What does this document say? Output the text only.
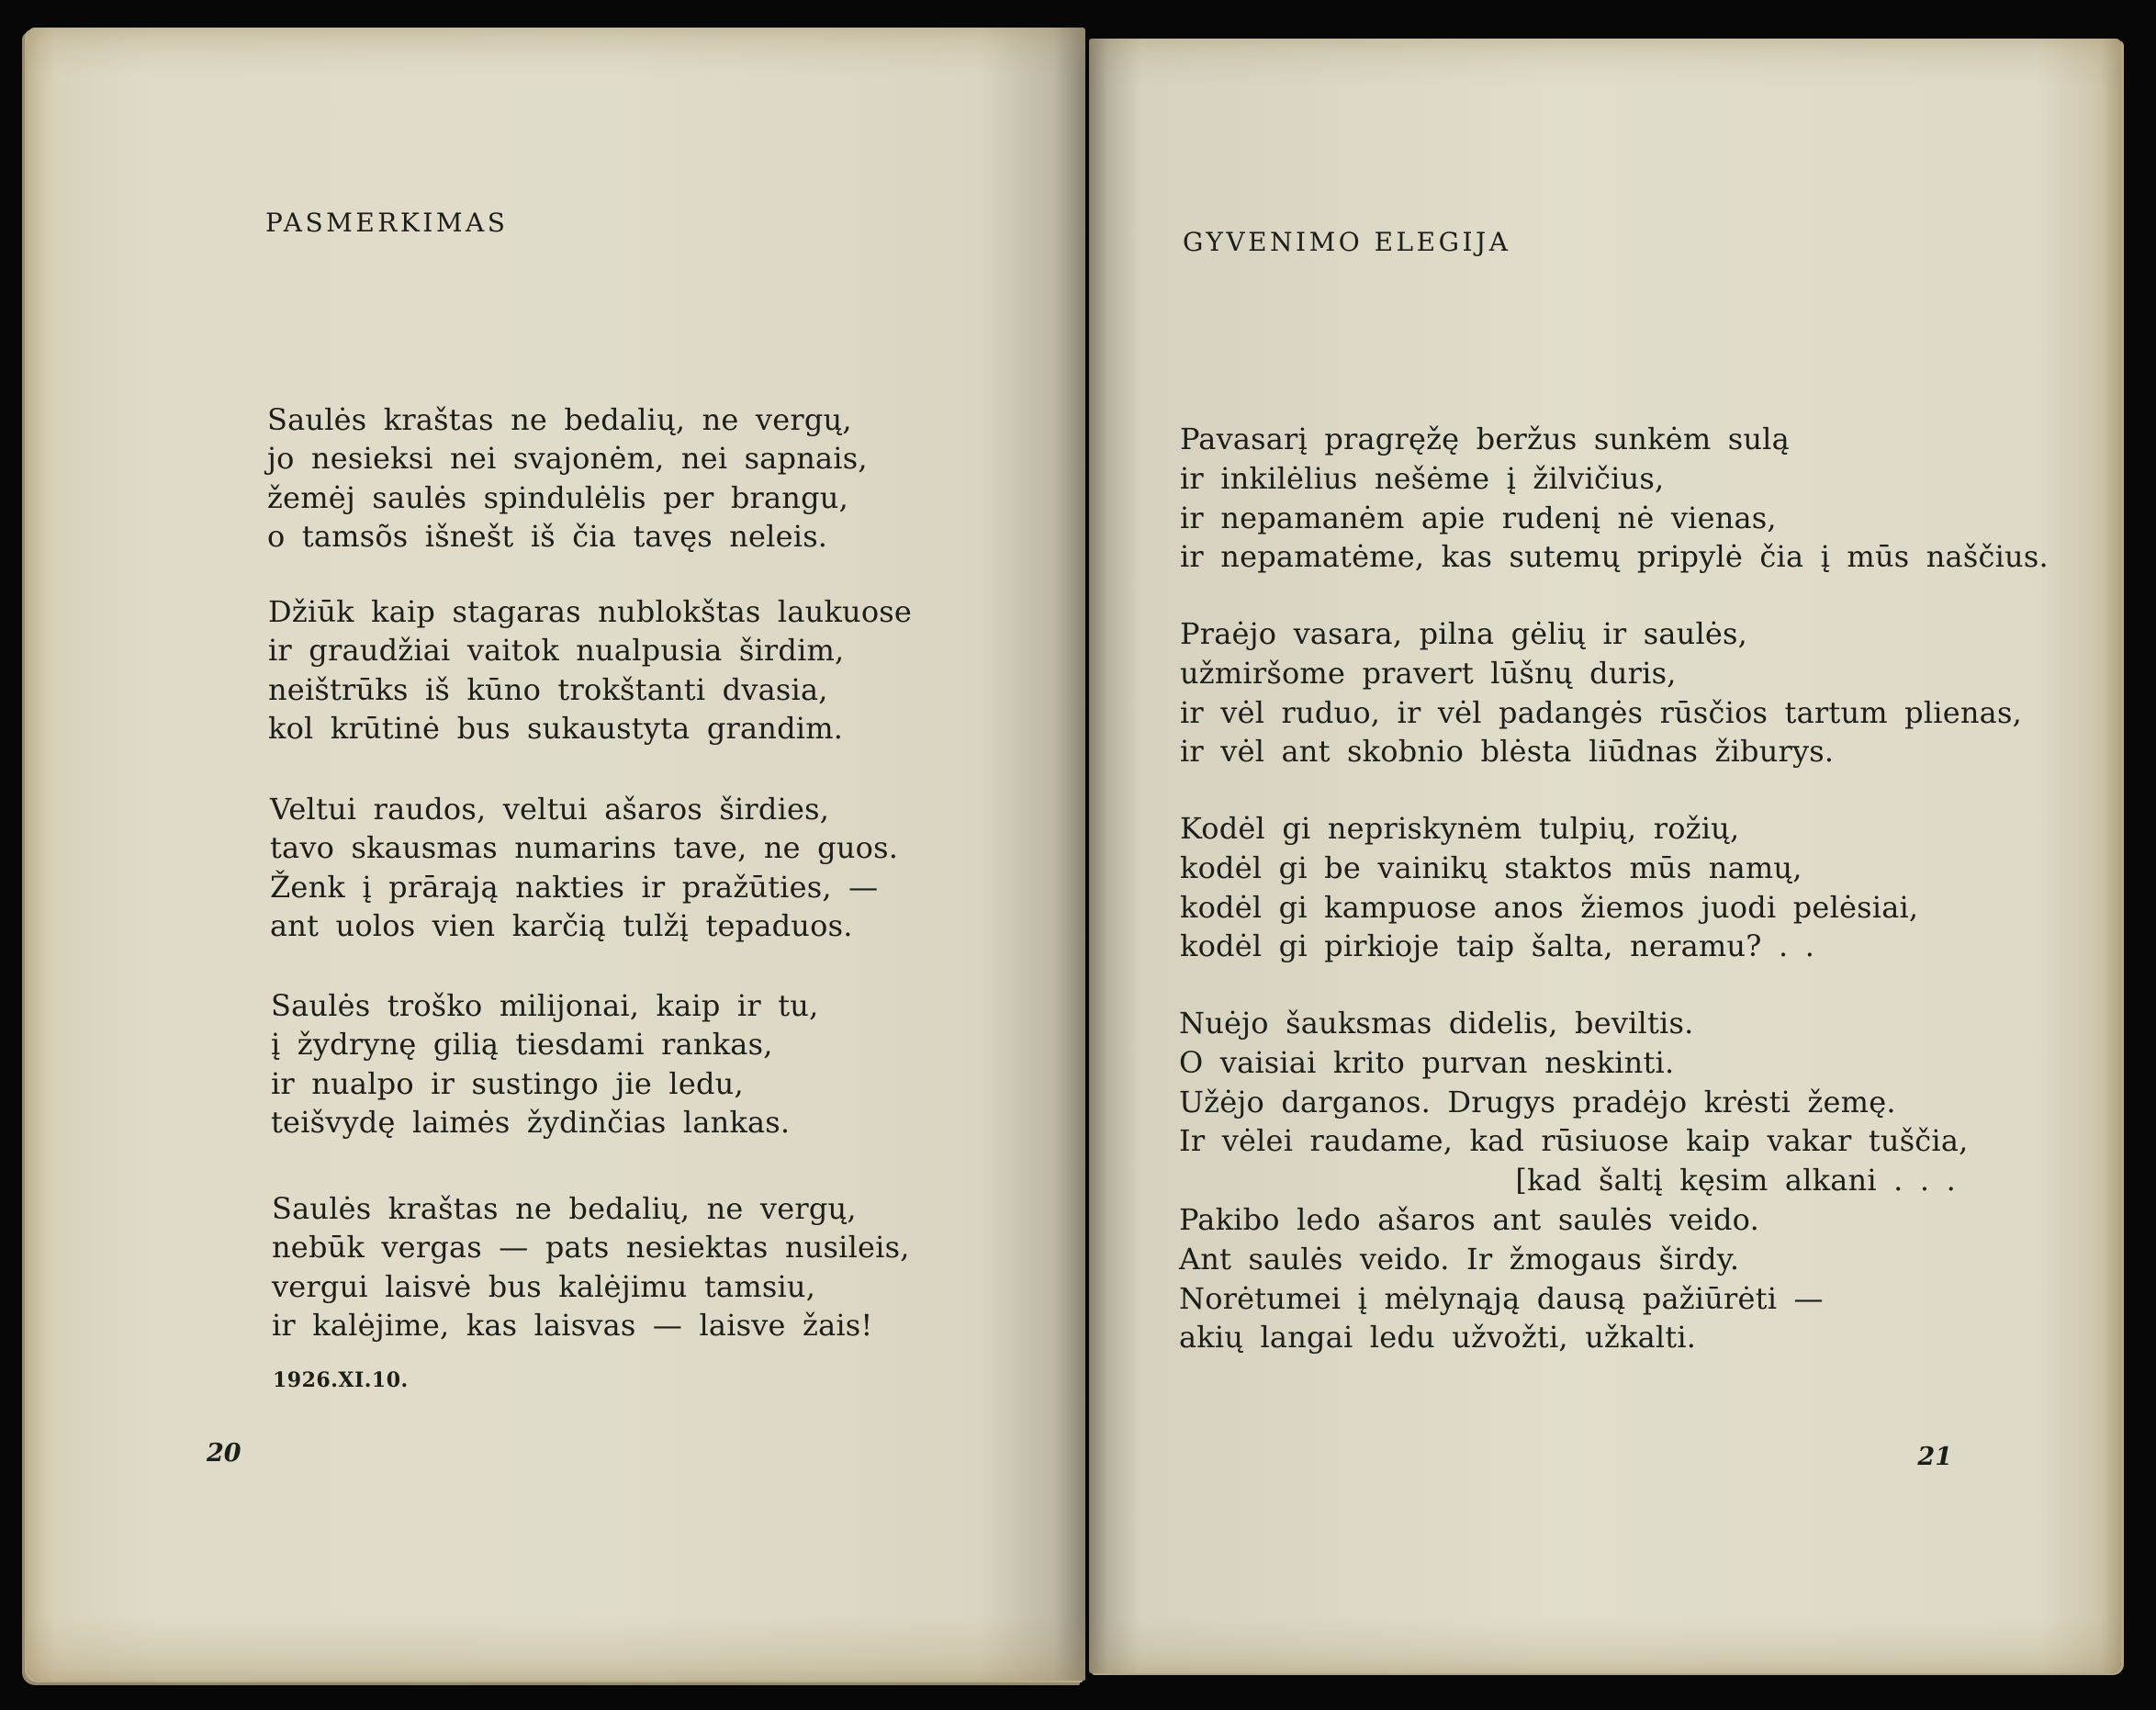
PASMERKIMAS
Saulės kraštas ne bedalių, ne vergų,
jo nesieksi nei svajonėm, nei sapnais,
žemėj saulės spindulėlis per brangu,
o tamsõs išnešt iš čia tavęs neleis.
Džiūk kaip stagaras nublokštas laukuose
ir graudžiai vaitok nualpusia širdim,
neištrūks iš kūno trokštanti dvasia,
kol krūtinė bus sukaustyta grandim.
Veltui raudos, veltui ašaros širdies,
tavo skausmas numarins tave, ne guos.
Ženk į prārają nakties ir pražūties, —
ant uolos vien karčią tulžį tepaduos.
Saulės troško milijonai, kaip ir tu,
į žydrynę gilią tiesdami rankas,
ir nualpo ir sustingo jie ledu,
teišvydę laimės žydinčias lankas.
Saulės kraštas ne bedalių, ne vergų,
nebūk vergas — pats nesiektas nusileis,
vergui laisvė bus kalėjimu tamsiu,
ir kalėjime, kas laisvas — laisve žais!
1926.XI.10.
20
GYVENIMO ELEGIJA
Pavasarį pragręžę beržus sunkėm sulą
ir inkilėlius nešėme į žilvičius,
ir nepamanėm apie rudenį nė vienas,
ir nepamatėme, kas sutemų pripylė čia į mūs naščius.
Praėjo vasara, pilna gėlių ir saulės,
užmiršome pravert lūšnų duris,
ir vėl ruduo, ir vėl padangės rūsčios tartum plienas,
ir vėl ant skobnio blėsta liūdnas žiburys.
Kodėl gi nepriskynėm tulpių, rožių,
kodėl gi be vainikų staktos mūs namų,
kodėl gi kampuose anos žiemos juodi pelėsiai,
kodėl gi pirkioje taip šalta, neramu? . .
Nuėjo šauksmas didelis, beviltis.
O vaisiai krito purvan neskinti.
Užėjo darganos. Drugys pradėjo krėsti žemę.
Ir vėlei raudame, kad rūsiuose kaip vakar tuščia,
[kad šaltį kęsim alkani . . .
Pakibo ledo ašaros ant saulės veido.
Ant saulės veido. Ir žmogaus širdy.
Norėtumei į mėlynąją dausą pažiūrėti —
akių langai ledu užvožti, užkalti.
21
